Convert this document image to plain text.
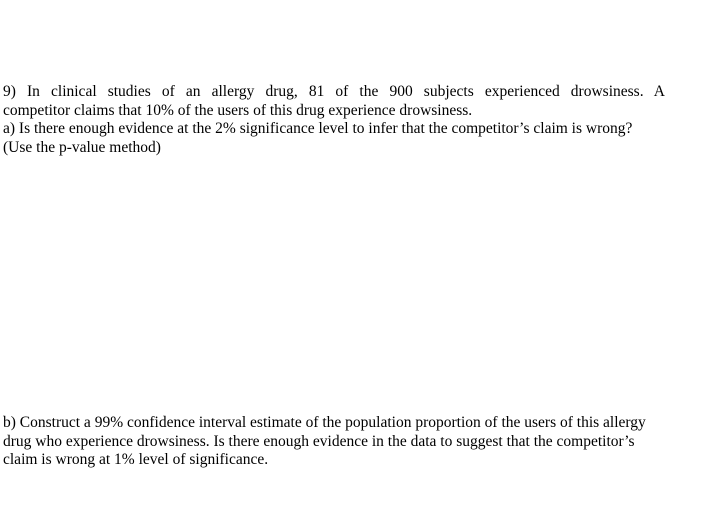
9) In clinical studies of an allergy drug, 81 of the 900 subjects experienced drowsiness. A
competitor claims that 10% of the users of this drug experience drowsiness.
a) Is there enough evidence at the 2% significance level to infer that the competitor’s claim is wrong?
(Use the p-value method)
b) Construct a 99% confidence interval estimate of the population proportion of the users of this allergy
drug who experience drowsiness. Is there enough evidence in the data to suggest that the competitor’s
claim is wrong at 1% level of significance.
